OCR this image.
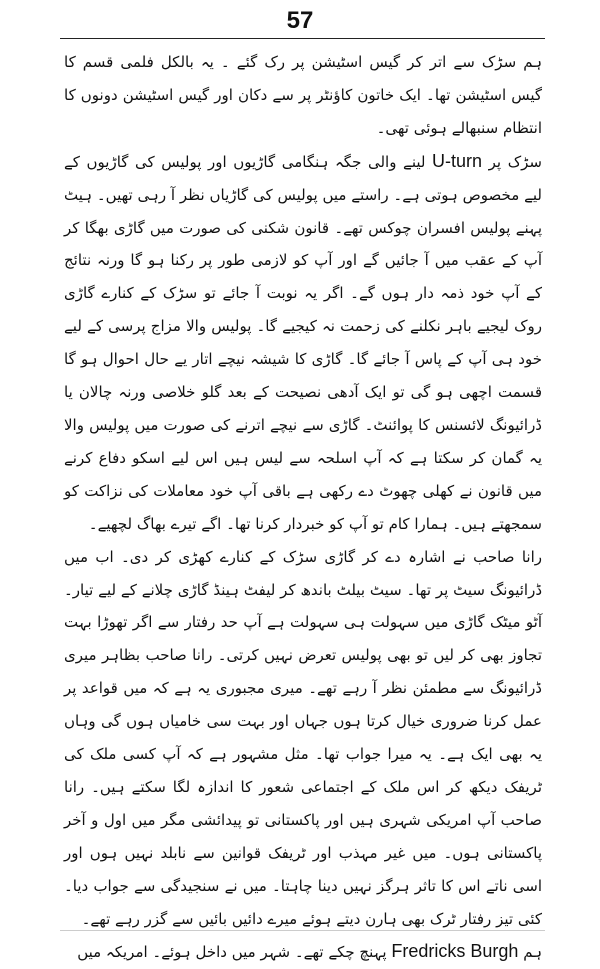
57

ہم سڑک سے اتر کر گیس اسٹیشن پر رک گئے ۔ یہ بالکل فلمی قسم کا گیس اسٹیشن تھا۔ ایک خاتون کاؤنٹر پر سے دکان اور گیس اسٹیشن دونوں کا انتظام سنبھالے ہوئی تھی۔

سڑک پر U-turn لینے والی جگہ ہنگامی گاڑیوں اور پولیس کی گاڑیوں کے لیے مخصوص ہوتی ہے۔ راستے میں پولیس کی گاڑیاں نظر آ رہی تھیں۔ ہیٹ پہنے پولیس افسران چوکس تھے۔ قانون شکنی کی صورت میں گاڑی بھگا کر آپ کے عقب میں آ جائیں گے اور آپ کو لازمی طور پر رکنا ہو گا ورنہ نتائج کے آپ خود ذمہ دار ہوں گے۔ اگر یہ نوبت آ جائے تو سڑک کے کنارے گاڑی روک لیجیے باہر نکلنے کی زحمت نہ کیجیے گا۔ پولیس والا مزاج پرسی کے لیے خود ہی آپ کے پاس آ جائے گا۔ گاڑی کا شیشہ نیچے اتار یے حال احوال ہو گا قسمت اچھی ہو گی تو ایک آدھی نصیحت کے بعد گلو خلاصی ورنہ چالان یا ڈرائیونگ لائسنس کا پوائنٹ۔ گاڑی سے نیچے اترنے کی صورت میں پولیس والا یہ گمان کر سکتا ہے کہ آپ اسلحہ سے لیس ہیں اس لیے اسکو دفاع کرنے میں قانون نے کھلی چھوٹ دے رکھی ہے باقی آپ خود معاملات کی نزاکت کو سمجھتے ہیں۔ ہمارا کام تو آپ کو خبردار کرنا تھا۔ اگے تیرے بھاگ لچھیے۔

رانا صاحب نے اشارہ دے کر گاڑی سڑک کے کنارے کھڑی کر دی۔ اب میں ڈرائیونگ سیٹ پر تھا۔ سیٹ بیلٹ باندھ کر لیفٹ ہینڈ گاڑی چلانے کے لیے تیار۔ آٹو میٹک گاڑی میں سہولت ہی سہولت ہے آپ حد رفتار سے اگر تھوڑا بہت تجاوز بھی کر لیں تو بھی پولیس تعرض نہیں کرتی۔ رانا صاحب بظاہر میری ڈرائیونگ سے مطمئن نظر آ رہے تھے۔ میری مجبوری یہ ہے کہ میں قواعد پر عمل کرنا ضروری خیال کرتا ہوں جہاں اور بہت سی خامیاں ہوں گی وہاں یہ بھی ایک ہے۔ یہ میرا جواب تھا۔ مثل مشہور ہے کہ آپ کسی ملک کی ٹریفک دیکھ کر اس ملک کے اجتماعی شعور کا اندازہ لگا سکتے ہیں۔ رانا صاحب آپ امریکی شہری ہیں اور پاکستانی تو پیدائشی مگر میں اول و آخر پاکستانی ہوں۔ میں غیر مہذب اور ٹریفک قوانین سے نابلد نہیں ہوں اور اسی ناتے اس کا تاثر ہرگز نہیں دینا چاہتا۔ میں نے سنجیدگی سے جواب دیا۔ کئی تیز رفتار ٹرک بھی ہارن دیتے ہوئے میرے دائیں بائیں سے گزر رہے تھے۔

ہم Fredricks Burgh پہنچ چکے تھے۔ شہر میں داخل ہوئے۔ امریکہ میں
